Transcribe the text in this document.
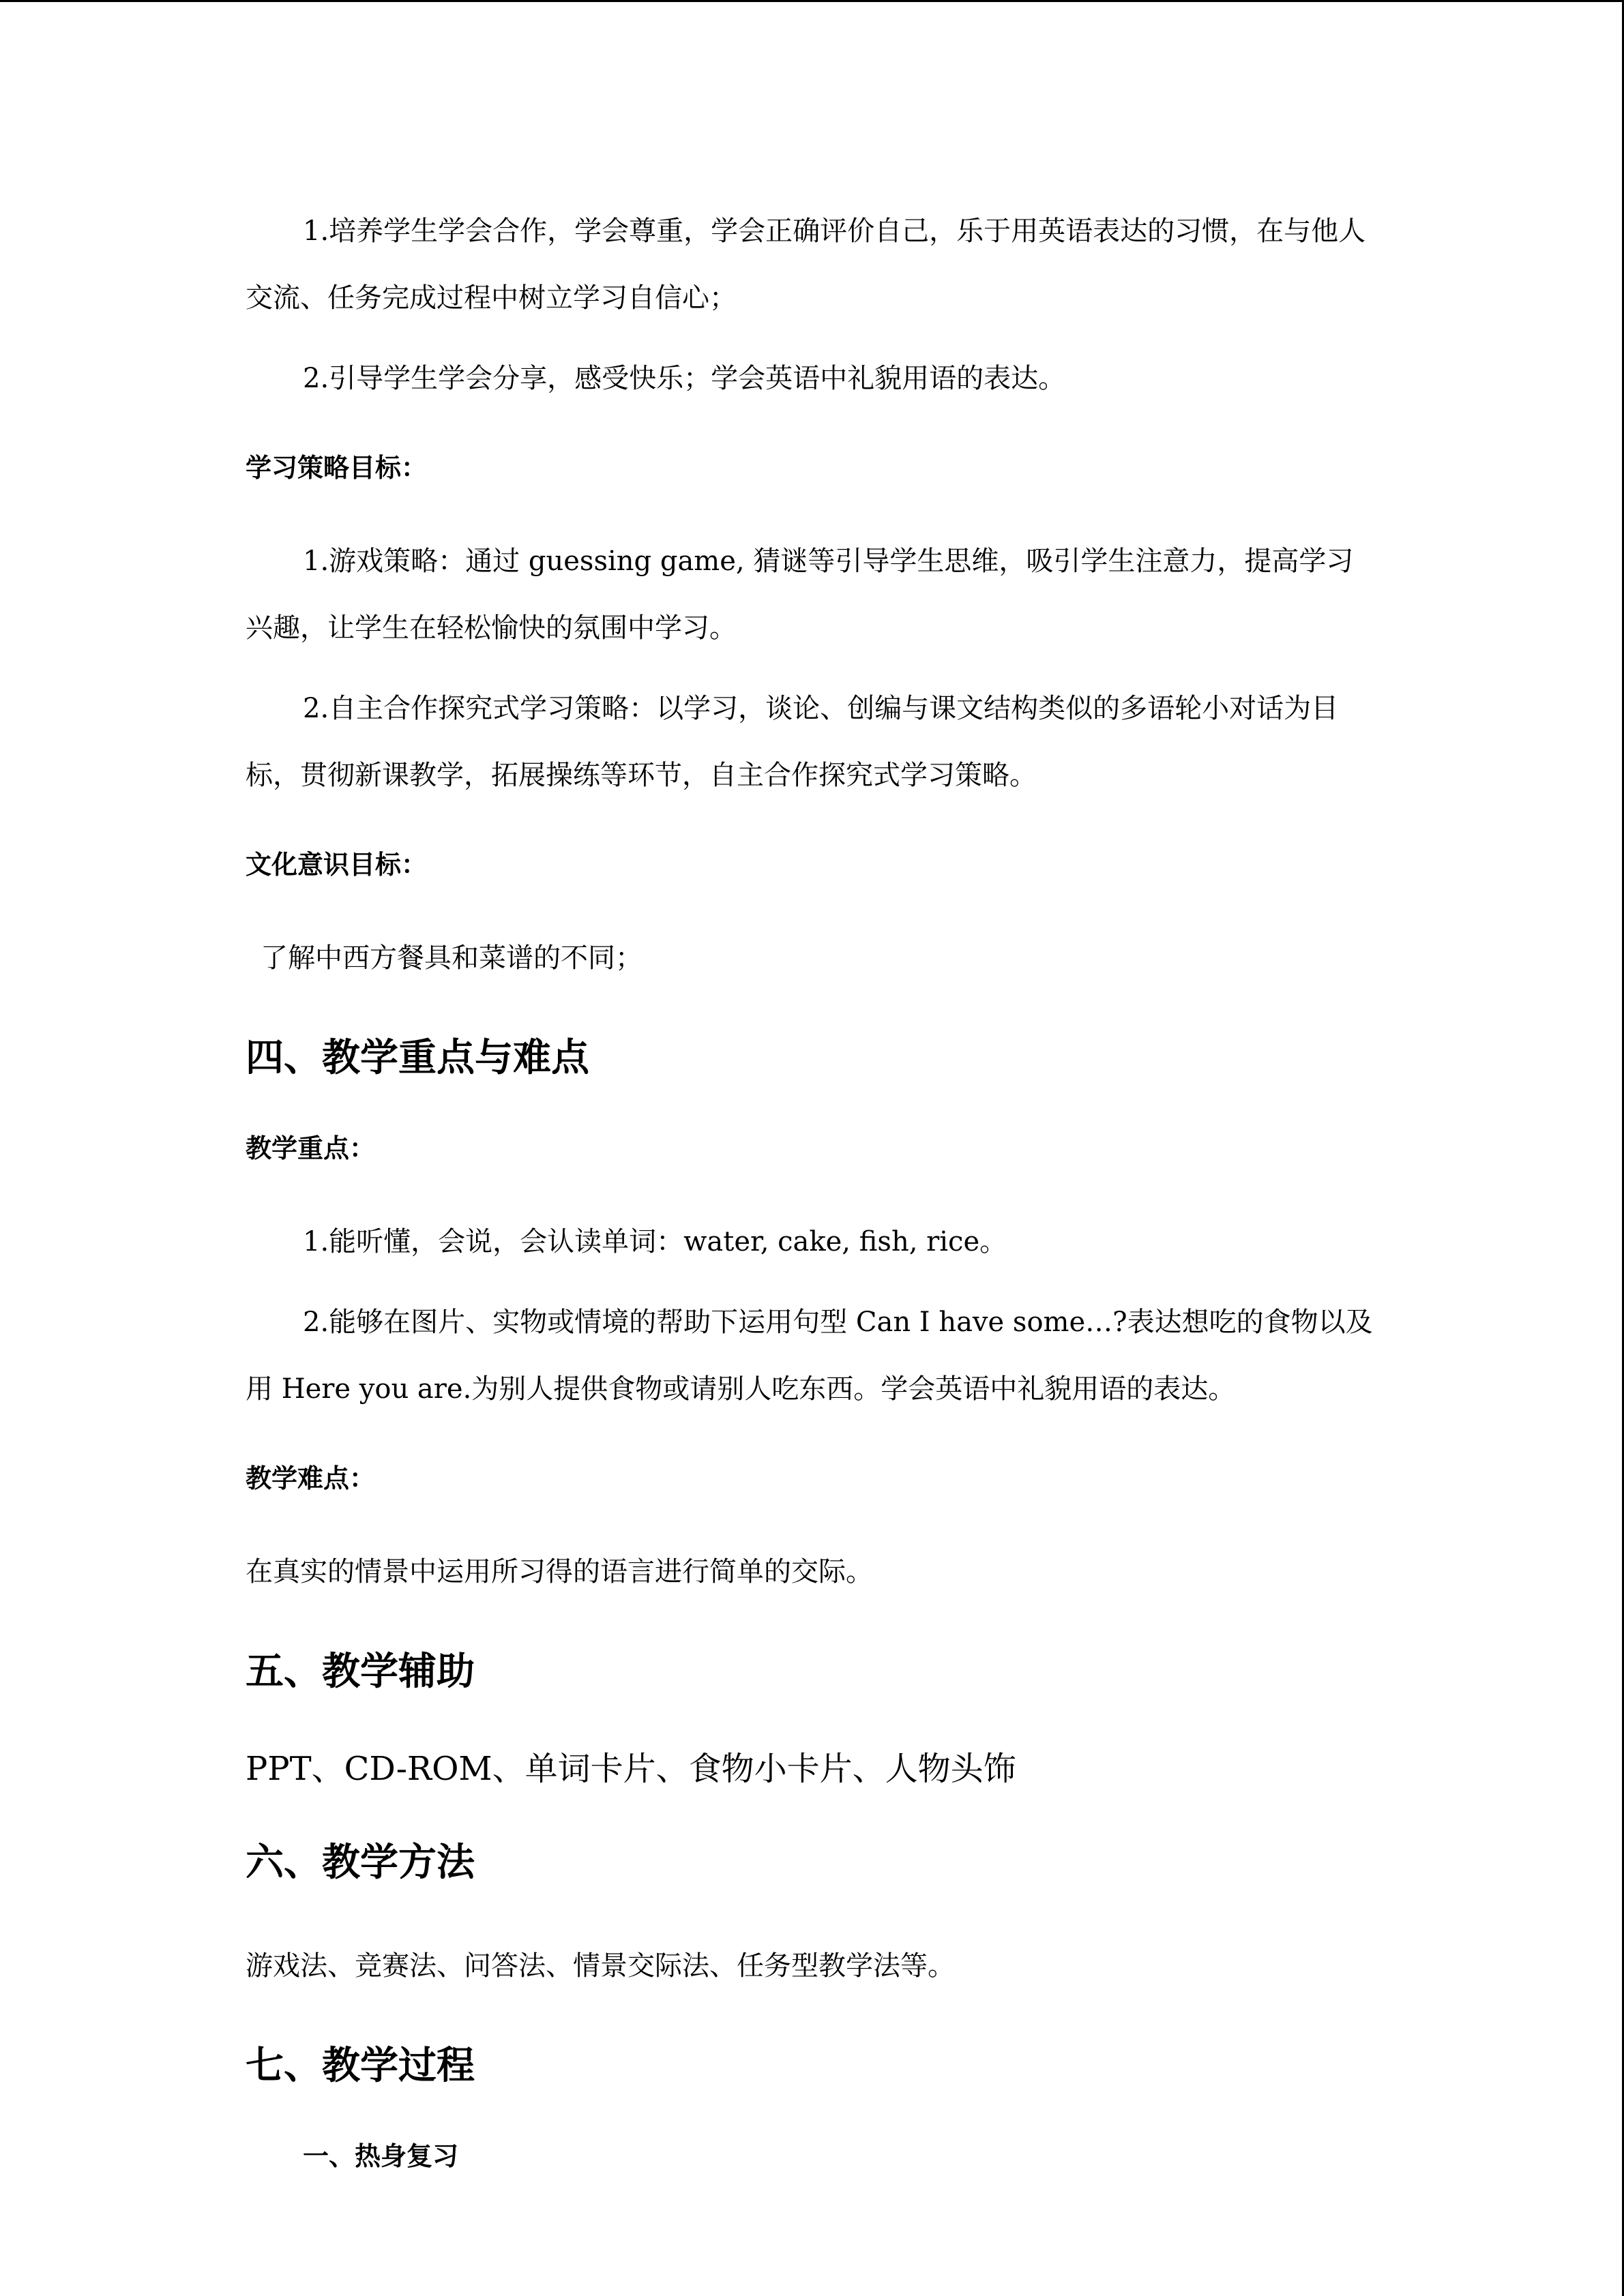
1.培养学生学会合作，学会尊重，学会正确评价自己，乐于用英语表达的习惯，在与他人交流、任务完成过程中树立学习自信心；

2.引导学生学会分享，感受快乐；学会英语中礼貌用语的表达。

学习策略目标：

1.游戏策略：通过 guessing game, 猜谜等引导学生思维，吸引学生注意力，提高学习兴趣，让学生在轻松愉快的氛围中学习。

2.自主合作探究式学习策略：以学习，谈论、创编与课文结构类似的多语轮小对话为目标，贯彻新课教学，拓展操练等环节，自主合作探究式学习策略。

文化意识目标：

了解中西方餐具和菜谱的不同；

四、教学重点与难点
教学重点：

1.能听懂，会说，会认读单词：water, cake, fish, rice。

2.能够在图片、实物或情境的帮助下运用句型 Can I have some…?表达想吃的食物以及用 Here you are.为别人提供食物或请别人吃东西。学会英语中礼貌用语的表达。

教学难点：

在真实的情景中运用所习得的语言进行简单的交际。

五、教学辅助

PPT、CD-ROM、单词卡片、食物小卡片、人物头饰

六、教学方法

游戏法、竞赛法、问答法、情景交际法、任务型教学法等。

七、教学过程
一、热身复习
